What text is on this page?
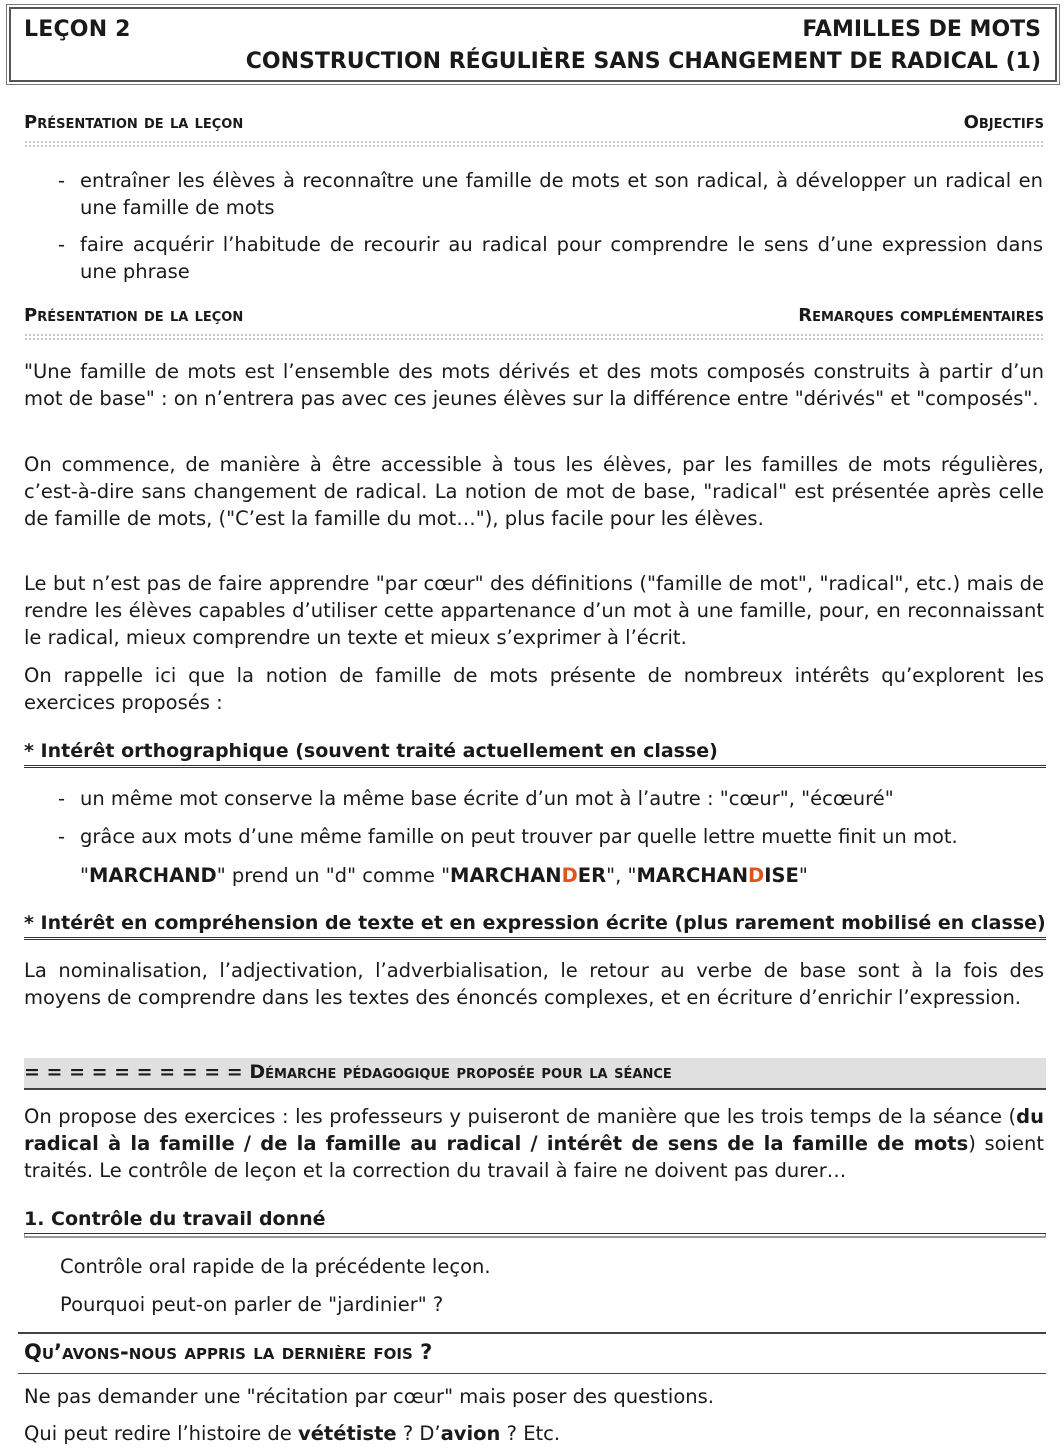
LEÇON 2	FAMILLES DE MOTS
CONSTRUCTION RÉGULIÈRE SANS CHANGEMENT DE RADICAL (1)
Présentation de la leçon	Objectifs
- entraîner les élèves à reconnaître une famille de mots et son radical, à développer un radical en une famille de mots
- faire acquérir l’habitude de recourir au radical pour comprendre le sens d’une expression dans une phrase
Présentation de la leçon	Remarques complémentaires
"Une famille de mots est l’ensemble des mots dérivés et des mots composés construits à partir d’un mot de base" : on n’entrera pas avec ces jeunes élèves sur la différence entre "dérivés" et "composés".
On commence, de manière à être accessible à tous les élèves, par les familles de mots régulières, c’est-à-dire sans changement de radical. La notion de mot de base, "radical" est présentée après celle de famille de mots, ("C’est la famille du mot…"), plus facile pour les élèves.
Le but n’est pas de faire apprendre "par cœur" des définitions ("famille de mot", "radical", etc.) mais de rendre les élèves capables d’utiliser cette appartenance d’un mot à une famille, pour, en reconnaissant le radical, mieux comprendre un texte et mieux s’exprimer à l’écrit.
On rappelle ici que la notion de famille de mots présente de nombreux intérêts qu’explorent les exercices proposés :
* Intérêt orthographique (souvent traité actuellement en classe)
- un même mot conserve la même base écrite d’un mot à l’autre : "cœur", "écœuré"
- grâce aux mots d’une même famille on peut trouver par quelle lettre muette finit un mot.
"MARCHAND" prend un "d" comme "MARCHANDER", "MARCHANDISE"
* Intérêt en compréhension de texte et en expression écrite (plus rarement mobilisé en classe)
La nominalisation, l’adjectivation, l’adverbialisation, le retour au verbe de base sont à la fois des moyens de comprendre dans les textes des énoncés complexes, et en écriture d’enrichir l’expression.
= = = = = = = = = = Démarche pédagogique proposée pour la séance
On propose des exercices : les professeurs y puiseront de manière que les trois temps de la séance (du radical à la famille / de la famille au radical / intérêt de sens de la famille de mots) soient traités. Le contrôle de leçon et la correction du travail à faire ne doivent pas durer…
1. Contrôle du travail donné
Contrôle oral rapide de la précédente leçon.
Pourquoi peut-on parler de "jardinier" ?
Qu’avons-nous appris la dernière fois ?
Ne pas demander une "récitation par cœur" mais poser des questions.
Qui peut redire l’histoire de vététiste ? D’avion ? Etc.
